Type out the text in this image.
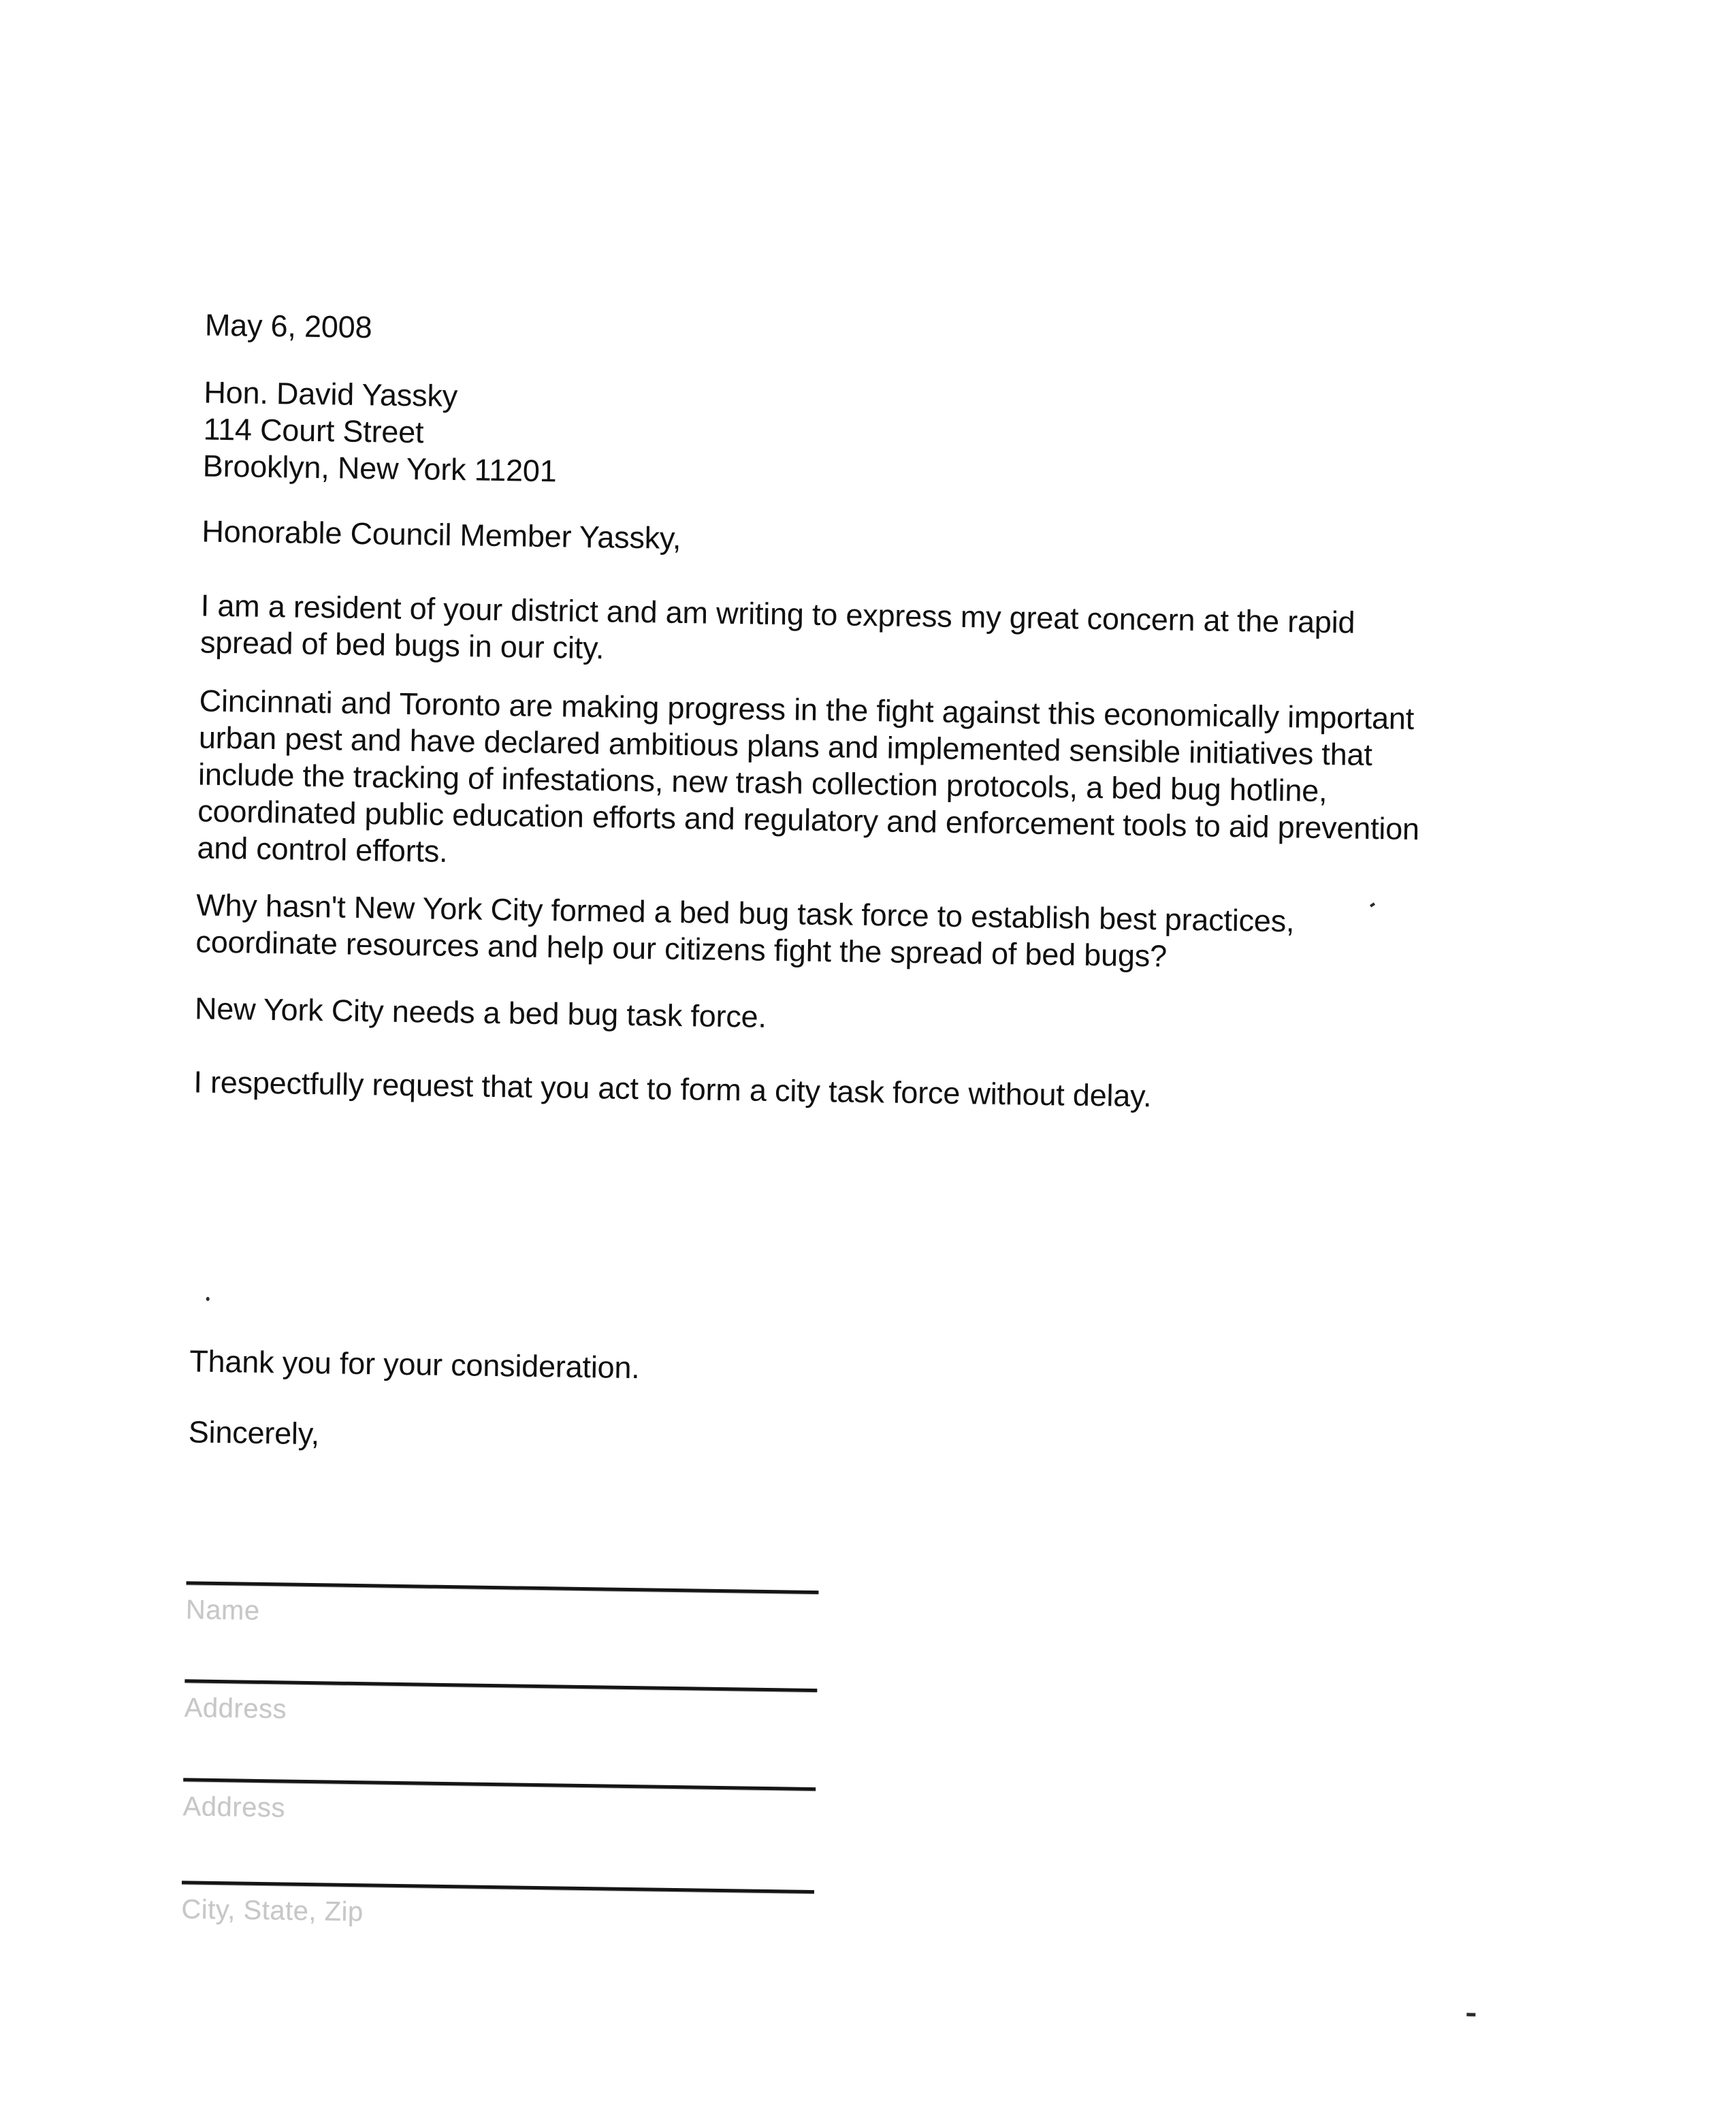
May 6, 2008
Hon. David Yassky
114 Court Street
Brooklyn, New York 11201
Honorable Council Member Yassky,
I am a resident of your district and am writing to express my great concern at the rapid
spread of bed bugs in our city.
Cincinnati and Toronto are making progress in the fight against this economically important
urban pest and have declared ambitious plans and implemented sensible initiatives that
include the tracking of infestations, new trash collection protocols, a bed bug hotline,
coordinated public education efforts and regulatory and enforcement tools to aid prevention
and control efforts.
Why hasn't New York City formed a bed bug task force to establish best practices,
coordinate resources and help our citizens fight the spread of bed bugs?
New York City needs a bed bug task force.
I respectfully request that you act to form a city task force without delay.
Thank you for your consideration.
Sincerely,
Name
Address
Address
City, State, Zip
